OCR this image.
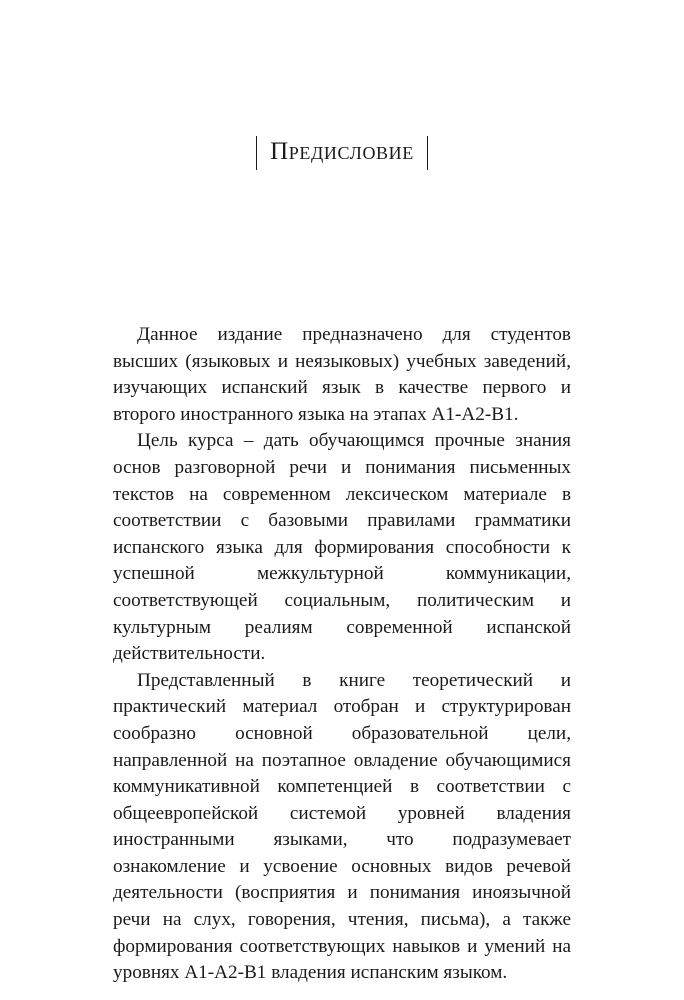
Предисловие

Данное издание предназначено для студентов высших (языковых и неязыковых) учебных заведений, изучающих испанский язык в качестве первого и второго иностранного языка на этапах А1-А2-В1.

Цель курса – дать обучающимся прочные знания основ разговорной речи и понимания письменных текстов на современном лексическом материале в соответствии с базовыми правилами грамматики испанского языка для формирования способности к успешной межкультурной коммуникации, соответствующей социальным, политическим и культурным реалиям современной испанской действительности.

Представленный в книге теоретический и практический материал отобран и структурирован сообразно основной образовательной цели, направленной на поэтапное овладение обучающимися коммуникативной компетенцией в соответствии с общеевропейской системой уровней владения иностранными языками, что подразумевает ознакомление и усвоение основных видов речевой деятельности (восприятия и понимания иноязычной речи на слух, говорения, чтения, письма), а также формирования соответствующих навыков и умений на уровнях А1-А2-В1 владения испанским языком.
